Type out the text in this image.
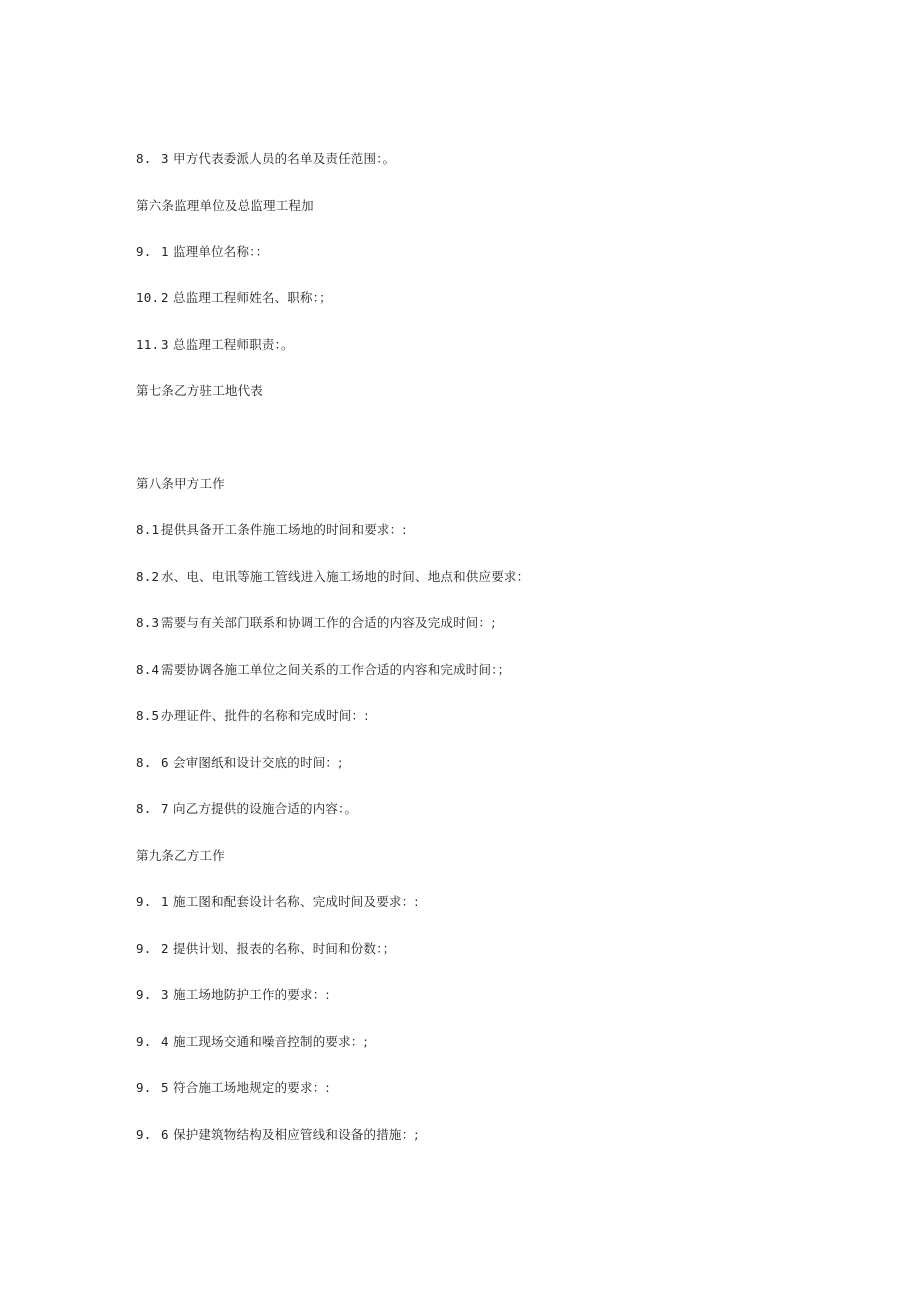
8. 3 甲方代表委派人员的名单及责任范围：。
第六条监理单位及总监理工程加
9. 1 监理单位名称：：
10. 2 总监理工程师姓名、职称：；
11. 3 总监理工程师职责：。
第七条乙方驻工地代表
第八条甲方工作
8.1 提供具备开工条件施工场地的时间和要求：:
8.2 水、电、电讯等施工管线进入施工场地的时间、地点和供应要求：
8.3 需要与有关部门联系和协调工作的合适的内容及完成时间：;
8.4 需要协调各施工单位之间关系的工作合适的内容和完成时间：；
8.5 办理证件、批件的名称和完成时间：:
8. 6 会审图纸和设计交底的时间：;
8. 7 向乙方提供的设施合适的内容：。
第九条乙方工作
9. 1 施工图和配套设计名称、完成时间及要求：:
9. 2 提供计划、报表的名称、时间和份数：；
9. 3 施工场地防护工作的要求：:
9. 4 施工现场交通和噪音控制的要求：;
9. 5 符合施工场地规定的要求：:
9. 6 保护建筑物结构及相应管线和设备的措施：;
